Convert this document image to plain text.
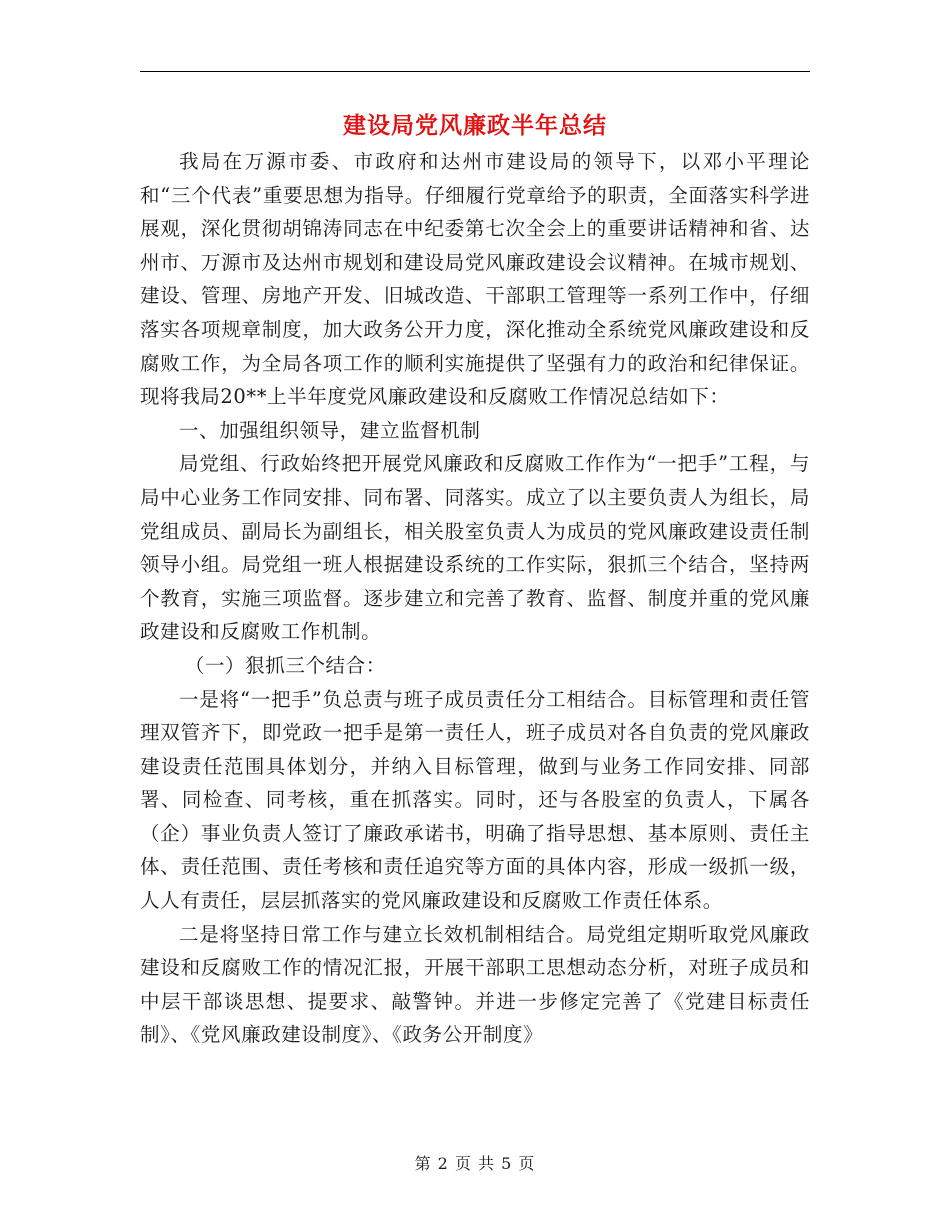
建设局党风廉政半年总结

我局在万源市委、市政府和达州市建设局的领导下，以邓小平理论和“三个代表”重要思想为指导。仔细履行党章给予的职责，全面落实科学进展观，深化贯彻胡锦涛同志在中纪委第七次全会上的重要讲话精神和省、达州市、万源市及达州市规划和建设局党风廉政建设会议精神。在城市规划、建设、管理、房地产开发、旧城改造、干部职工管理等一系列工作中，仔细落实各项规章制度，加大政务公开力度，深化推动全系统党风廉政建设和反腐败工作，为全局各项工作的顺利实施提供了坚强有力的政治和纪律保证。现将我局20**上半年度党风廉政建设和反腐败工作情况总结如下：

一、加强组织领导，建立监督机制

局党组、行政始终把开展党风廉政和反腐败工作作为“一把手”工程，与局中心业务工作同安排、同布署、同落实。成立了以主要负责人为组长，局党组成员、副局长为副组长，相关股室负责人为成员的党风廉政建设责任制领导小组。局党组一班人根据建设系统的工作实际，狠抓三个结合，坚持两个教育，实施三项监督。逐步建立和完善了教育、监督、制度并重的党风廉政建设和反腐败工作机制。

（一）狠抓三个结合：

一是将“一把手”负总责与班子成员责任分工相结合。目标管理和责任管理双管齐下，即党政一把手是第一责任人，班子成员对各自负责的党风廉政建设责任范围具体划分，并纳入目标管理，做到与业务工作同安排、同部署、同检查、同考核，重在抓落实。同时，还与各股室的负责人，下属各（企）事业负责人签订了廉政承诺书，明确了指导思想、基本原则、责任主体、责任范围、责任考核和责任追究等方面的具体内容，形成一级抓一级，人人有责任，层层抓落实的党风廉政建设和反腐败工作责任体系。

二是将坚持日常工作与建立长效机制相结合。局党组定期听取党风廉政建设和反腐败工作的情况汇报，开展干部职工思想动态分析，对班子成员和中层干部谈思想、提要求、敲警钟。并进一步修定完善了《党建目标责任制》、《党风廉政建设制度》、《政务公开制度》

第 2 页 共 5 页
